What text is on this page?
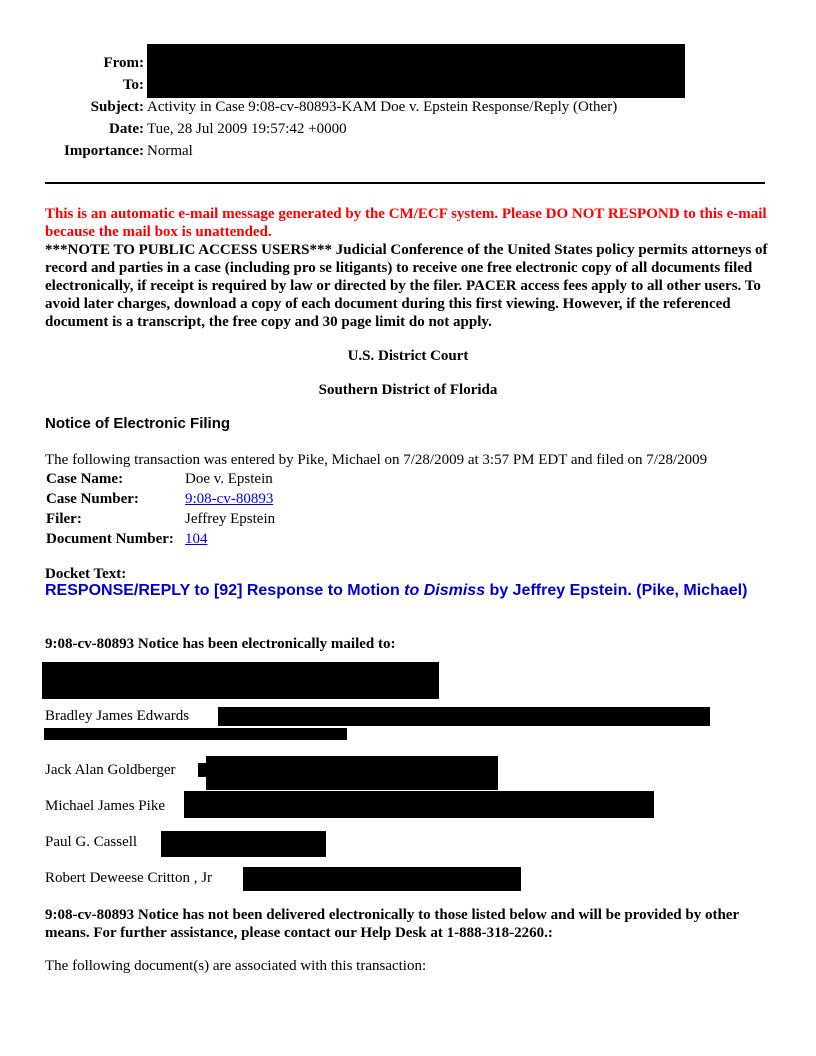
From:
To:
Subject: Activity in Case 9:08-cv-80893-KAM Doe v. Epstein Response/Reply (Other)
Date: Tue, 28 Jul 2009 19:57:42 +0000
Importance: Normal
This is an automatic e-mail message generated by the CM/ECF system. Please DO NOT RESPOND to this e-mail because the mail box is unattended.
***NOTE TO PUBLIC ACCESS USERS*** Judicial Conference of the United States policy permits attorneys of record and parties in a case (including pro se litigants) to receive one free electronic copy of all documents filed electronically, if receipt is required by law or directed by the filer. PACER access fees apply to all other users. To avoid later charges, download a copy of each document during this first viewing. However, if the referenced document is a transcript, the free copy and 30 page limit do not apply.
U.S. District Court
Southern District of Florida
Notice of Electronic Filing
The following transaction was entered by Pike, Michael on 7/28/2009 at 3:57 PM EDT and filed on 7/28/2009
Case Name:	Doe v. Epstein
Case Number:	9:08-cv-80893
Filer:	Jeffrey Epstein
Document Number: 104
Docket Text:
RESPONSE/REPLY to [92] Response to Motion to Dismiss by Jeffrey Epstein. (Pike, Michael)
9:08-cv-80893 Notice has been electronically mailed to:
Bradley James Edwards
Jack Alan Goldberger
Michael James Pike
Paul G. Cassell
Robert Deweese Critton , Jr
9:08-cv-80893 Notice has not been delivered electronically to those listed below and will be provided by other means. For further assistance, please contact our Help Desk at 1-888-318-2260.:
The following document(s) are associated with this transaction:
